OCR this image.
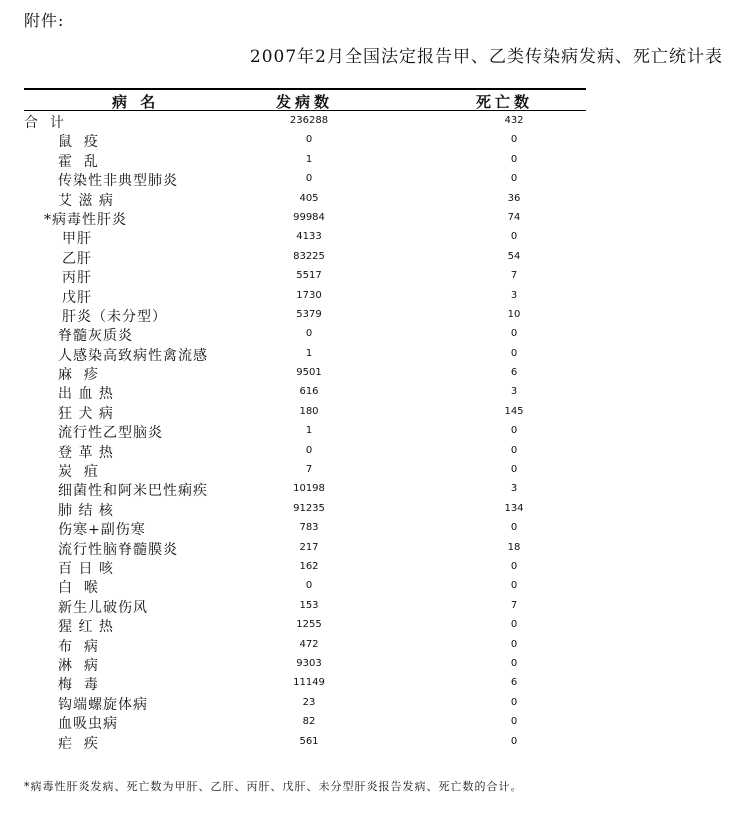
附件:
2007年2月全国法定报告甲、乙类传染病发病、死亡统计表
病 名	发病数	死亡数
合  计	236288	432
鼠  疫	0	0
霍  乱	1	0
传染性非典型肺炎	0	0
艾 滋 病	405	36
*病毒性肝炎	99984	74
甲肝	4133	0
乙肝	83225	54
丙肝	5517	7
戊肝	1730	3
肝炎（未分型）	5379	10
脊髓灰质炎	0	0
人感染高致病性禽流感	1	0
麻  疹	9501	6
出 血 热	616	3
狂 犬 病	180	145
流行性乙型脑炎	1	0
登 革 热	0	0
炭  疽	7	0
细菌性和阿米巴性痢疾	10198	3
肺 结 核	91235	134
伤寒+副伤寒	783	0
流行性脑脊髓膜炎	217	18
百 日 咳	162	0
白  喉	0	0
新生儿破伤风	153	7
猩 红 热	1255	0
布  病	472	0
淋  病	9303	0
梅  毒	11149	6
钩端螺旋体病	23	0
血吸虫病	82	0
疟  疾	561	0
*病毒性肝炎发病、死亡数为甲肝、乙肝、丙肝、戊肝、未分型肝炎报告发病、死亡数的合计。
